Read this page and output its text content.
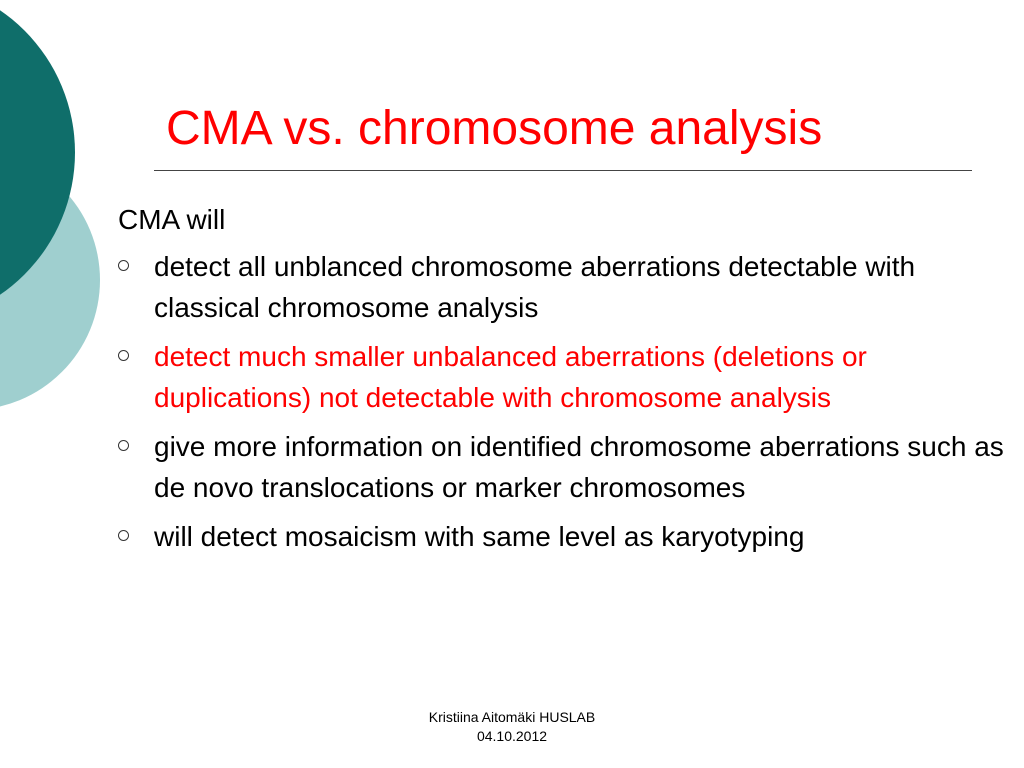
CMA vs. chromosome analysis
CMA will
detect all unblanced chromosome aberrations detectable with classical chromosome analysis
detect much smaller unbalanced aberrations (deletions or duplications) not detectable with chromosome analysis
give more information on identified chromosome aberrations such as de novo translocations or marker chromosomes
will detect mosaicism with same level as karyotyping
Kristiina Aitomäki HUSLAB
04.10.2012
